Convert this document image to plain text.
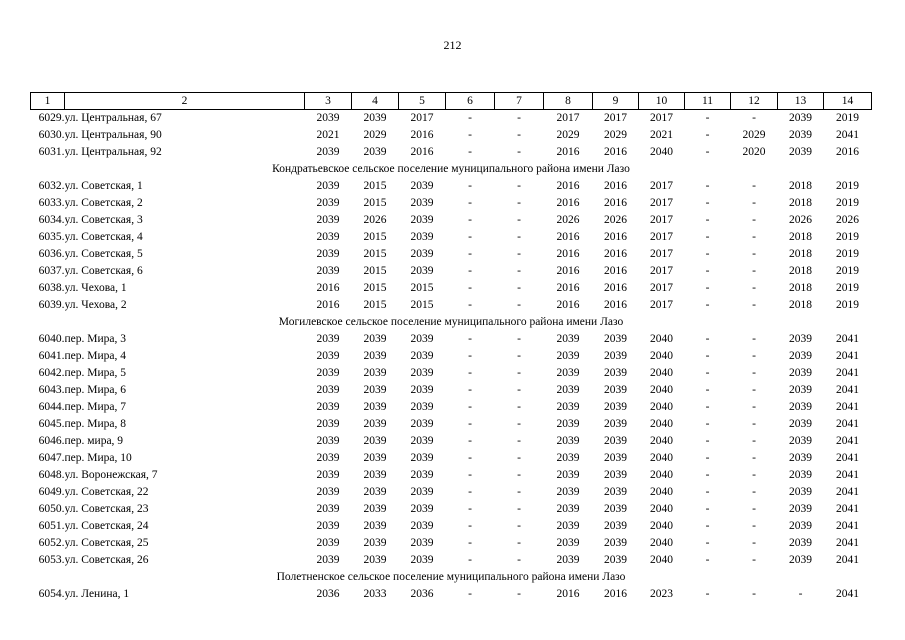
212
1	2	3	4	5	6	7	8	9	10	11	12	13	14
6029.	ул. Центральная, 67	2039	2039	2017	-	-	2017	2017	2017	-	-	2039	2019
6030.	ул. Центральная, 90	2021	2029	2016	-	-	2029	2029	2021	-	2029	2039	2041
6031.	ул. Центральная, 92	2039	2039	2016	-	-	2016	2016	2040	-	2020	2039	2016
Кондратьевское сельское поселение муниципального района имени Лазо													
6032.	ул. Советская, 1	2039	2015	2039	-	-	2016	2016	2017	-	-	2018	2019
6033.	ул. Советская, 2	2039	2015	2039	-	-	2016	2016	2017	-	-	2018	2019
6034.	ул. Советская, 3	2039	2026	2039	-	-	2026	2026	2017	-	-	2026	2026
6035.	ул. Советская, 4	2039	2015	2039	-	-	2016	2016	2017	-	-	2018	2019
6036.	ул. Советская, 5	2039	2015	2039	-	-	2016	2016	2017	-	-	2018	2019
6037.	ул. Советская, 6	2039	2015	2039	-	-	2016	2016	2017	-	-	2018	2019
6038.	ул. Чехова, 1	2016	2015	2015	-	-	2016	2016	2017	-	-	2018	2019
6039.	ул. Чехова, 2	2016	2015	2015	-	-	2016	2016	2017	-	-	2018	2019
Могилевское сельское поселение муниципального района имени Лазо													
6040.	пер. Мира, 3	2039	2039	2039	-	-	2039	2039	2040	-	-	2039	2041
6041.	пер. Мира, 4	2039	2039	2039	-	-	2039	2039	2040	-	-	2039	2041
6042.	пер. Мира, 5	2039	2039	2039	-	-	2039	2039	2040	-	-	2039	2041
6043.	пер. Мира, 6	2039	2039	2039	-	-	2039	2039	2040	-	-	2039	2041
6044.	пер. Мира, 7	2039	2039	2039	-	-	2039	2039	2040	-	-	2039	2041
6045.	пер. Мира, 8	2039	2039	2039	-	-	2039	2039	2040	-	-	2039	2041
6046.	пер. мира, 9	2039	2039	2039	-	-	2039	2039	2040	-	-	2039	2041
6047.	пер. Мира, 10	2039	2039	2039	-	-	2039	2039	2040	-	-	2039	2041
6048.	ул. Воронежская, 7	2039	2039	2039	-	-	2039	2039	2040	-	-	2039	2041
6049.	ул. Советская, 22	2039	2039	2039	-	-	2039	2039	2040	-	-	2039	2041
6050.	ул. Советская, 23	2039	2039	2039	-	-	2039	2039	2040	-	-	2039	2041
6051.	ул. Советская, 24	2039	2039	2039	-	-	2039	2039	2040	-	-	2039	2041
6052.	ул. Советская, 25	2039	2039	2039	-	-	2039	2039	2040	-	-	2039	2041
6053.	ул. Советская, 26	2039	2039	2039	-	-	2039	2039	2040	-	-	2039	2041
Полетненское сельское поселение муниципального района имени Лазо													
6054.	ул. Ленина, 1	2036	2033	2036	-	-	2016	2016	2023	-	-	-	2041
